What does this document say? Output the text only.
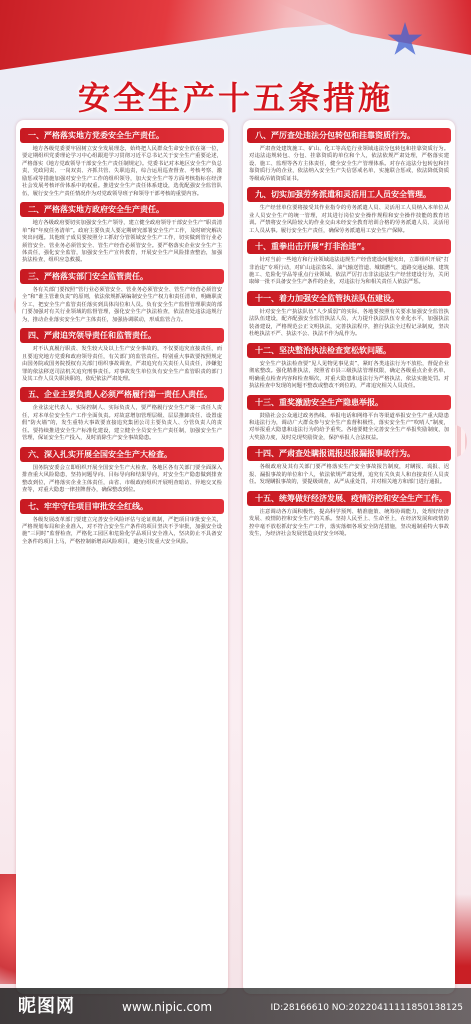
安全生产十五条措施
一、严格落实地方党委安全生产责任。
地方各级党委要牢固树立安全发展理念，始终把人民群众生命安全放在第一位，要定期组织党委理论学习中心组跟进学习贯彻习近平总书记关于安全生产重要论述，严格落实《地方党政领导干部安全生产责任制规定》。党委书记对本地区安全生产负总责，党政同责、一岗双责、齐抓共管、失职追责，综合运用巡查督查、考核考察、激励惩戒等措施加强对安全生产工作的组织领导，加大安全生产等方面考核指标在经济社会发展考核评价体系中的权重。推进安全生产责任体系建设，选优配强安全监管队伍，履行安全生产责任情况作为对党政领导班子和领导干部考核的重要内容。
二、严格落实地方政府安全生产责任。
地方各级政府要切实加强安全生产领导，建立健全政府领导干部安全生产“职责清单”和“年度任务清单”。政府主要负责人要定期研究部署安全生产工作，及时研究解决突出问题。其他班子成员要按照分工抓好分管领域安全生产工作，切实做到管行业必须管安全、管业务必须管安全、管生产经营必须管安全。要严格落实企业安全生产主体责任，强化安全监管，加强安全生产宣传教育，开展安全生产风险排查整治，加强执法检查，组织应急救援。
三、严格落实部门安全监管责任。
各有关部门要按照“管行业必须管安全、管业务必须管安全、管生产经营必须管安全”和“谁主管谁负责”的原则，依法依规抓紧编制安全生产权力和责任清单，明确职责分工，把安全生产监管责任落实到具体岗位和人员。负有安全生产监督管理职责的部门要加强对有关行业领域的监督管理，强化安全生产执法检查，依法查处违法违规行为，推动企业落实安全生产主体责任，加强协调联动，形成监管合力。
四、严肃追究领导责任和监管责任。
对不认真履行职责、发生较大及以上生产安全事故的，不仅要追究直接责任，而且要追究地方党委和政府领导责任，有关部门的监管责任。特别重大事故要按照规定由国务院或国务院授权有关部门组织事故调查，严肃追究有关责任人员责任，涉嫌犯罪的依法移送司法机关追究刑事责任。对事故发生单位负有安全生产监管职责的部门及其工作人员失职渎职的，依纪依法严肃处理。
五、企业主要负责人必须严格履行第一责任人责任。
企业法定代表人、实际控制人、实际负责人，要严格履行安全生产第一责任人责任，对本单位安全生产工作全面负责。对故意增加管理层级、层层推卸责任、设置虚假“防火墙”的，发生重特大事故要直接追究集团公司主要负责人、分管负责人的责任。要持续推进安全生产标准化建设，建立健全全员安全生产责任制，加强安全生产管理，保证安全生产投入，及时消除生产安全事故隐患。
六、深入扎实开展全国安全生产大检查。
国务院安委会立即组织开展全国安全生产大检查，各地区各有关部门要全面深入排查重大风险隐患，坚持问题导向、目标导向和结果导向，对安全生产隐患做到排查整改到位，严格落实企业主体责任，由省、市级政府组织开展明查暗访、异地交叉检查等，对重大隐患一律挂牌督办，确保整改到位。
七、牢牢守住项目审批安全红线。
各级发展改革部门要建立完善安全风险评估与论证机制，严把项目审批安全关，严格规划布局和企业准入，对不符合安全生产条件的项目坚决不予审批，加强安全设施“三同时”监督检查，严格化工园区和危险化学品项目安全准入，坚决防止不具备安全条件的项目上马，严格控制新增高风险项目，避免引发重大安全风险。
八、严厉查处违法分包转包和挂靠资质行为。
严肃查处建筑施工、矿山、化工等高危行业领域违法分包转包和挂靠资质行为。对违法违规转包、分包、挂靠资质的单位和个人，依法依规严肃处理，严格落实建设、施工、监理等各方主体责任，健全安全生产管理体系。对存在违法分包转包和挂靠资质行为的企业，依法纳入安全生产失信惩戒名单，实施联合惩戒，依法降低资质等级或吊销资质证书。
九、切实加强劳务派遣和灵活用工人员安全管理。
生产经营单位要将接受其作业指令的劳务派遣人员、灵活用工人员纳入本单位从业人员安全生产的统一管理，对其进行岗位安全操作规程和安全操作技能的教育培训。严禁将安全风险较大的作业交由未经安全教育培训合格的劳务派遣人员、灵活用工人员从事。履行安全生产责任，确保劳务派遣用工安全生产保障。
十、重拳出击开展“打非治违”。
针对当前一些地方和行业领域违法违规生产经营建设问题突出，立即组织开展“打非治违”专项行动，对矿山违法盗采、油气输送管道、城镇燃气、道路交通运输、建筑施工、危险化学品等重点行业领域，依法严厉打击非法违法生产经营建设行为，关闭取缔一批不具备安全生产条件的企业，对违法行为和相关责任人依法严惩。
十一、着力加强安全监管执法队伍建设。
针对安全生产执法队伍“人少质弱”的实际，各地要按照有关要求加强安全监管执法队伍建设，配齐配强安全监管执法人员，大力提升执法队伍专业化水平，加强执法装备建设，严格规范公正文明执法，完善执法程序，推行执法全过程记录制度，坚决杜绝执法不严、执法不公、执法不作为乱作为。
十二、坚决整治执法检查宽松软问题。
安全生产执法检查要“见人见物见事见责”，紧盯各类违法行为不放松，督促企业彻底整改。强化精准执法，按照省市县三级执法管理权限，确定各级重点企业名单，明确重点检查内容和检查频次，对重大隐患和违法行为严格执法，依法实施处罚。对执法检查中发现的问题不整改或整改不到位的，严肃追究相关人员责任。
十三、重奖激励安全生产隐患举报。
鼓励社会公众通过政务热线、举报电话和网络平台等渠道举报安全生产重大隐患和违法行为，调动广大群众参与安全生产监督积极性，落实安全生产“吹哨人”制度，对举报重大隐患和违法行为的给予重奖。各地要健全完善安全生产举报奖励制度，加大奖励力度，及时兑现奖励资金，保护举报人合法权益。
十四、严肃查处瞒报谎报迟报漏报事故行为。
各级政府及其有关部门要严格落实生产安全事故报告制度，对瞒报、谎报、迟报、漏报事故的单位和个人，依法依规严肃处理，追究有关负责人和直接责任人员责任。发现瞒报事故的，要提级调查，从严从重处罚，并对相关地方和部门进行通报。
十五、统筹做好经济发展、疫情防控和安全生产工作。
注意调动各方面积极性，提高科学预判、精准施策、统筹协调能力，处理好经济发展、疫情防控和安全生产的关系。坚持人民至上、生命至上，在经济发展和疫情防控中毫不放松抓好安全生产工作，落实落细各项安全防范措施，坚决遏制重特大事故发生，为经济社会发展营造良好安全环境。
昵图网	www.nipic.com	ID:28166610 NO:20220411111850138125
